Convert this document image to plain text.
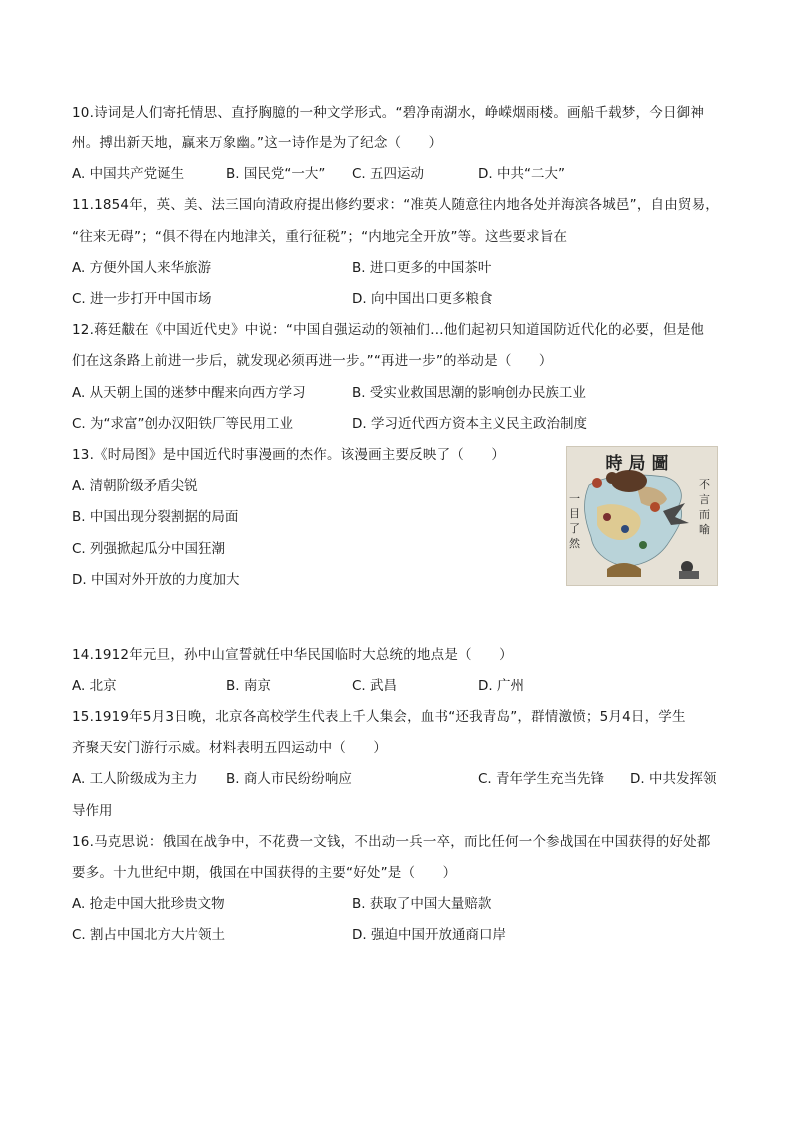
10.诗词是人们寄托情思、直抒胸臆的一种文学形式。“碧净南湖水，峥嵘烟雨楼。画船千载梦，今日御神
州。搏出新天地，赢来万象幽。”这一诗作是为了纪念（　　）
A. 中国共产党诞生	B. 国民党“一大” C. 五四运动	D. 中共“二大”
11.1854年，英、美、法三国向清政府提出修约要求：“准英人随意往内地各处并海滨各城邑”，自由贸易，
“往来无碍”；“俱不得在内地津关，重行征税”；“内地完全开放”等。这些要求旨在
A. 方便外国人来华旅游	B. 进口更多的中国茶叶
C. 进一步打开中国市场	D. 向中国出口更多粮食
12.蒋廷黻在《中国近代史》中说：“中国自强运动的领袖们…他们起初只知道国防近代化的必要，但是他
们在这条路上前进一步后，就发现必须再进一步。”“再进一步”的举动是（　　）
A. 从天朝上国的迷梦中醒来向西方学习	B. 受实业救国思潮的影响创办民族工业
C. 为“求富”创办汉阳铁厂等民用工业	D. 学习近代西方资本主义民主政治制度
13.《时局图》是中国近代时事漫画的杰作。该漫画主要反映了（　　）
A. 清朝阶级矛盾尖锐
B. 中国出现分裂割据的局面
C. 列强掀起瓜分中国狂潮
D. 中国对外开放的力度加大
時局圖
不言而喻
一目了然
14.1912年元旦，孙中山宣誓就任中华民国临时大总统的地点是（　　）
A. 北京	B. 南京	C. 武昌	D. 广州
15.1919年5月3日晚，北京各高校学生代表上千人集会，血书“还我青岛”，群情激愤；5月4日，学生
齐聚天安门游行示威。材料表明五四运动中（　　）
A. 工人阶级成为主力 B. 商人市民纷纷响应	C. 青年学生充当先锋 D. 中共发挥领
导作用
16.马克思说：俄国在战争中，不花费一文钱，不出动一兵一卒，而比任何一个参战国在中国获得的好处都
要多。十九世纪中期，俄国在中国获得的主要“好处”是（　　）
A. 抢走中国大批珍贵文物	B. 获取了中国大量赔款
C. 割占中国北方大片领土	D. 强迫中国开放通商口岸
